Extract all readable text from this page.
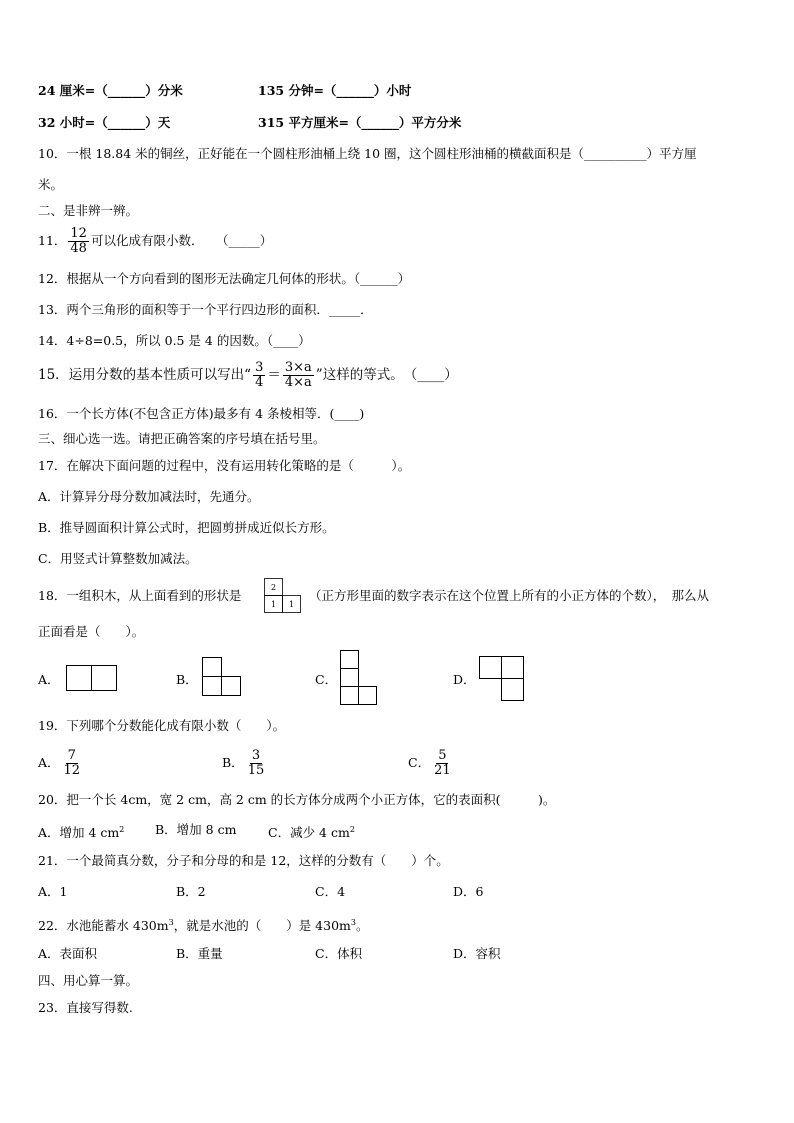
24 厘米=（______）分米	135 分钟=（______）小时
32 小时=（______）天	315 平方厘米=（______）平方分米
10．一根 18.84 米的铜丝，正好能在一个圆柱形油桶上绕 10 圈，这个圆柱形油桶的横截面积是（__________）平方厘
米。
二、是非辨一辨。
11． $\frac{12}{48}$ 可以化成有限小数．　　（_____）
12．根据从一个方向看到的图形无法确定几何体的形状。（______）
13．两个三角形的面积等于一个平行四边形的面积．_____．
14．4÷8=0.5，所以 0.5 是 4 的因数。（____）
15．运用分数的基本性质可以写出“ $\frac{3}{4} = \frac{3\times a}{4\times a}$ ”这样的等式。　（____）
16．一个长方体(不包含正方体)最多有 4 条棱相等．(____)
三、细心选一选。请把正确答案的序号填在括号里。
17．在解决下面问题的过程中，没有运用转化策略的是（　　　）。
A．计算异分母分数加减法时，先通分。
B．推导圆面积计算公式时，把圆剪拼成近似长方形。
C．用竖式计算整数加减法。
18．一组积木，从上面看到的形状是
2
1 1
（正方形里面的数字表示在这个位置上所有的小正方体的个数），　那么从
正面看是（　　）。
A．	B．	C．	D．
19．下列哪个分数能化成有限小数（　　）。
A． $\frac{7}{12}$	B． $\frac{3}{15}$	C． $\frac{5}{21}$
20．把一个长 4cm，宽 2 cm，高 2 cm 的长方体分成两个小正方体，它的表面积(　　　)。
A．增加 4 $cm^2$ B．增加 8 cm	C．减少 4 $cm^2$
21．一个最简真分数，分子和分母的和是 12，这样的分数有（　　）个。
A．1	B．2	C．4	D．6
22．水池能蓄水 $430m^3$，就是水池的（　　）是 $430m^3$。
A．表面积	B．重量	C．体积	D．容积
四、用心算一算。
23．直接写得数.
